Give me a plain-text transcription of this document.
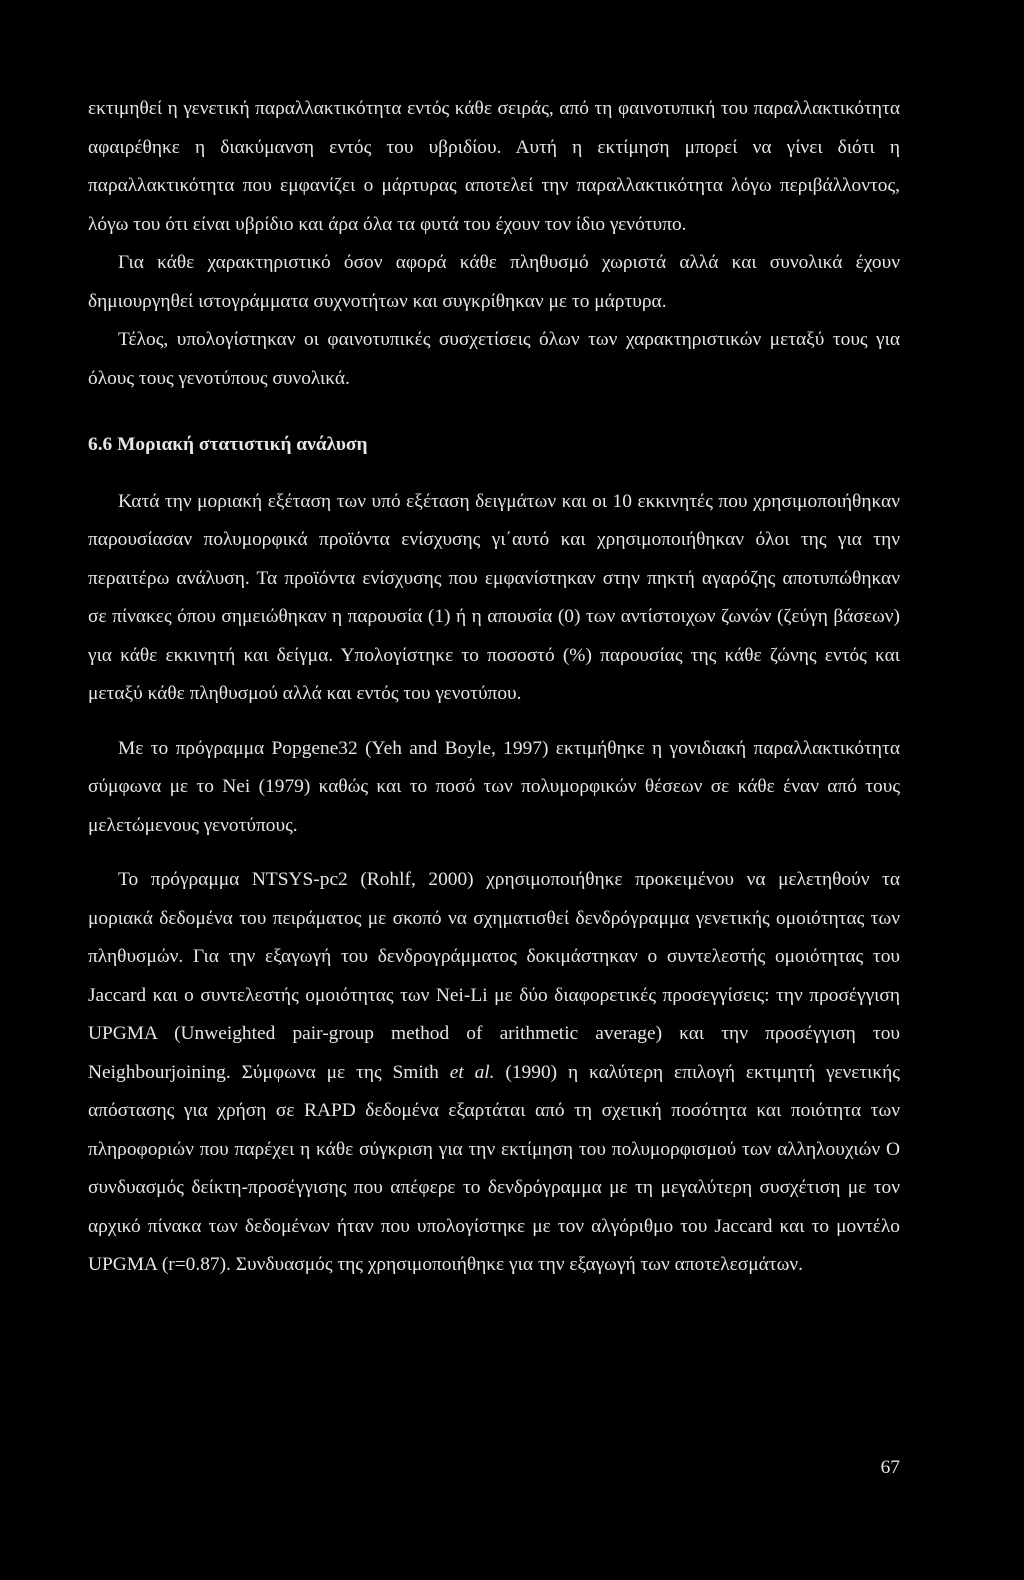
εκτιμηθεί η γενετική παραλλακτικότητα εντός κάθε σειράς, από τη φαινοτυπική του παραλλακτικότητα αφαιρέθηκε η διακύμανση εντός του υβριδίου. Αυτή η εκτίμηση μπορεί να γίνει διότι η παραλλακτικότητα που εμφανίζει ο μάρτυρας αποτελεί την παραλλακτικότητα λόγω περιβάλλοντος, λόγω του ότι είναι υβρίδιο και άρα όλα τα φυτά του έχουν τον ίδιο γενότυπο.

Για κάθε χαρακτηριστικό όσον αφορά κάθε πληθυσμό χωριστά αλλά και συνολικά έχουν δημιουργηθεί ιστογράμματα συχνοτήτων και συγκρίθηκαν με το μάρτυρα.

Τέλος, υπολογίστηκαν οι φαινοτυπικές συσχετίσεις όλων των χαρακτηριστικών μεταξύ τους για όλους τους γενοτύπους συνολικά.

6.6 Μοριακή στατιστική ανάλυση

Κατά την μοριακή εξέταση των υπό εξέταση δειγμάτων και οι 10 εκκινητές που χρησιμοποιήθηκαν παρουσίασαν πολυμορφικά προϊόντα ενίσχυσης γι΄αυτό και χρησιμοποιήθηκαν όλοι της για την περαιτέρω ανάλυση. Τα προϊόντα ενίσχυσης που εμφανίστηκαν στην πηκτή αγαρόζης αποτυπώθηκαν σε πίνακες όπου σημειώθηκαν η παρουσία (1) ή η απουσία (0) των αντίστοιχων ζωνών (ζεύγη βάσεων) για κάθε εκκινητή και δείγμα. Υπολογίστηκε το ποσοστό (%) παρουσίας της κάθε ζώνης εντός και μεταξύ κάθε πληθυσμού αλλά και εντός του γενοτύπου.

Με το πρόγραμμα Popgene32 (Yeh and Boyle, 1997) εκτιμήθηκε η γονιδιακή παραλλακτικότητα σύμφωνα με το Nei (1979) καθώς και το ποσό των πολυμορφικών θέσεων σε κάθε έναν από τους μελετώμενους γενοτύπους.

Το πρόγραμμα NTSYS-pc2 (Rohlf, 2000) χρησιμοποιήθηκε προκειμένου να μελετηθούν τα μοριακά δεδομένα του πειράματος με σκοπό να σχηματισθεί δενδρόγραμμα γενετικής ομοιότητας των πληθυσμών. Για την εξαγωγή του δενδρογράμματος δοκιμάστηκαν ο συντελεστής ομοιότητας του Jaccard και ο συντελεστής ομοιότητας των Nei-Li με δύο διαφορετικές προσεγγίσεις: την προσέγγιση UPGMA (Unweighted pair-group method of arithmetic average) και την προσέγγιση του Neighbourjoining. Σύμφωνα με της Smith et al. (1990) η καλύτερη επιλογή εκτιμητή γενετικής απόστασης για χρήση σε RAPD δεδομένα εξαρτάται από τη σχετική ποσότητα και ποιότητα των πληροφοριών που παρέχει η κάθε σύγκριση για την εκτίμηση του πολυμορφισμού των αλληλουχιών Ο συνδυασμός δείκτη-προσέγγισης που απέφερε το δενδρόγραμμα με τη μεγαλύτερη συσχέτιση με τον αρχικό πίνακα των δεδομένων ήταν που υπολογίστηκε με τον αλγόριθμο του Jaccard και το μοντέλο UPGMA (r=0.87). Συνδυασμός της χρησιμοποιήθηκε για την εξαγωγή των αποτελεσμάτων.

67
